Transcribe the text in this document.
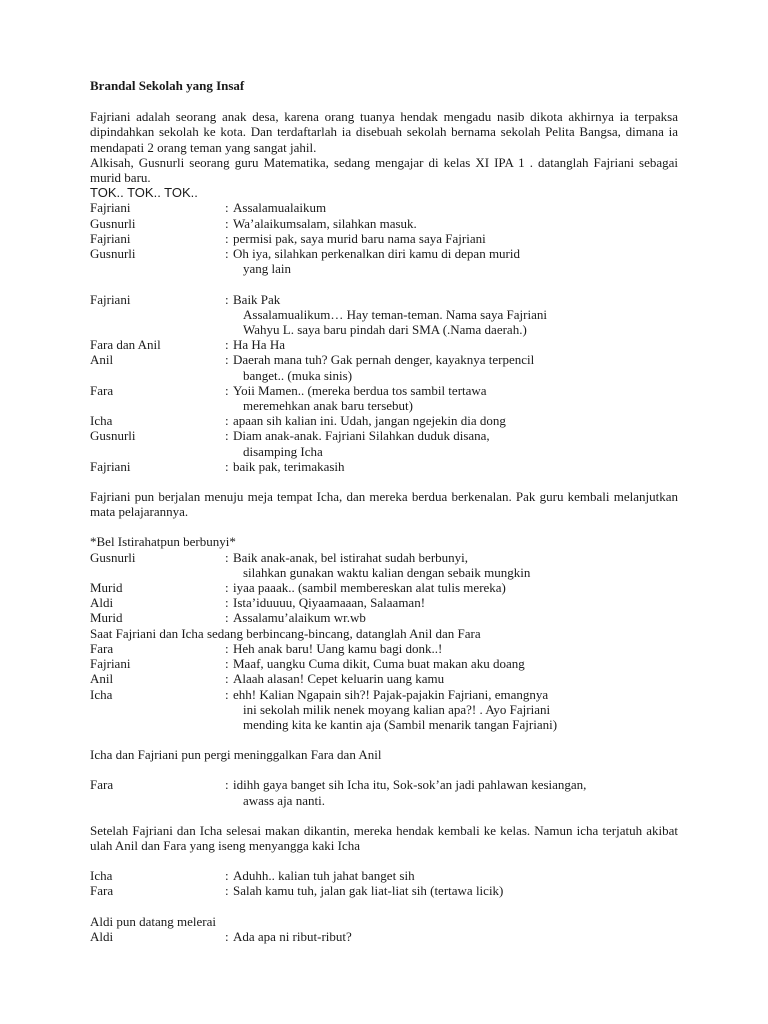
Brandal Sekolah yang Insaf

Fajriani adalah seorang anak desa, karena orang tuanya hendak mengadu nasib dikota akhirnya ia terpaksa dipindahkan sekolah ke kota. Dan terdaftarlah ia disebuah sekolah bernama sekolah Pelita Bangsa, dimana ia mendapati 2 orang teman yang sangat jahil.

Alkisah, Gusnurli seorang guru Matematika, sedang mengajar di kelas XI IPA 1 . datanglah Fajriani sebagai murid baru.

TOK.. TOK.. TOK..
Fajriani	: Assalamualaikum
Gusnurli	: Wa’alaikumsalam, silahkan masuk.
Fajriani	: permisi pak, saya murid baru nama saya Fajriani
Gusnurli	: Oh iya, silahkan perkenalkan diri kamu di depan murid
yang lain
Fajriani	: Baik Pak
Assalamualikum… Hay teman-teman. Nama saya Fajriani
Wahyu L. saya baru pindah dari SMA (.Nama daerah.)
Fara dan Anil	: Ha Ha Ha
Anil	: Daerah mana tuh? Gak pernah denger, kayaknya terpencil
banget.. (muka sinis)
Fara	: Yoii Mamen.. (mereka berdua tos sambil tertawa
meremehkan anak baru tersebut)
Icha	: apaan sih kalian ini. Udah, jangan ngejekin dia dong
Gusnurli	: Diam anak-anak. Fajriani Silahkan duduk disana,
disamping Icha
Fajriani	: baik pak, terimakasih

Fajriani pun berjalan menuju meja tempat Icha, dan mereka berdua berkenalan. Pak guru kembali melanjutkan mata pelajarannya.

*Bel Istirahatpun berbunyi*
Gusnurli	: Baik anak-anak, bel istirahat sudah berbunyi,
silahkan gunakan waktu kalian dengan sebaik mungkin
Murid	: iyaa paaak.. (sambil membereskan alat tulis mereka)
Aldi	: Ista’iduuuu, Qiyaamaaan, Salaaman!
Murid	: Assalamu’alaikum wr.wb
Saat Fajriani dan Icha sedang berbincang-bincang, datanglah Anil dan Fara
Fara	: Heh anak baru! Uang kamu bagi donk..!
Fajriani	: Maaf, uangku Cuma dikit, Cuma buat makan aku doang
Anil	: Alaah alasan! Cepet keluarin uang kamu
Icha	: ehh! Kalian Ngapain sih?! Pajak-pajakin Fajriani, emangnya
ini sekolah milik nenek moyang kalian apa?! . Ayo Fajriani
mending kita ke kantin aja (Sambil menarik tangan Fajriani)

Icha dan Fajriani pun pergi meninggalkan Fara dan Anil

Fara	: idihh gaya banget sih Icha itu, Sok-sok’an jadi pahlawan kesiangan,
awass aja nanti.

Setelah Fajriani dan Icha selesai makan dikantin, mereka hendak kembali ke kelas. Namun icha terjatuh akibat ulah Anil dan Fara yang iseng menyangga kaki Icha

Icha	: Aduhh.. kalian tuh jahat banget sih
Fara	: Salah kamu tuh, jalan gak liat-liat sih (tertawa licik)

Aldi pun datang melerai

Aldi	: Ada apa ni ribut-ribut?
